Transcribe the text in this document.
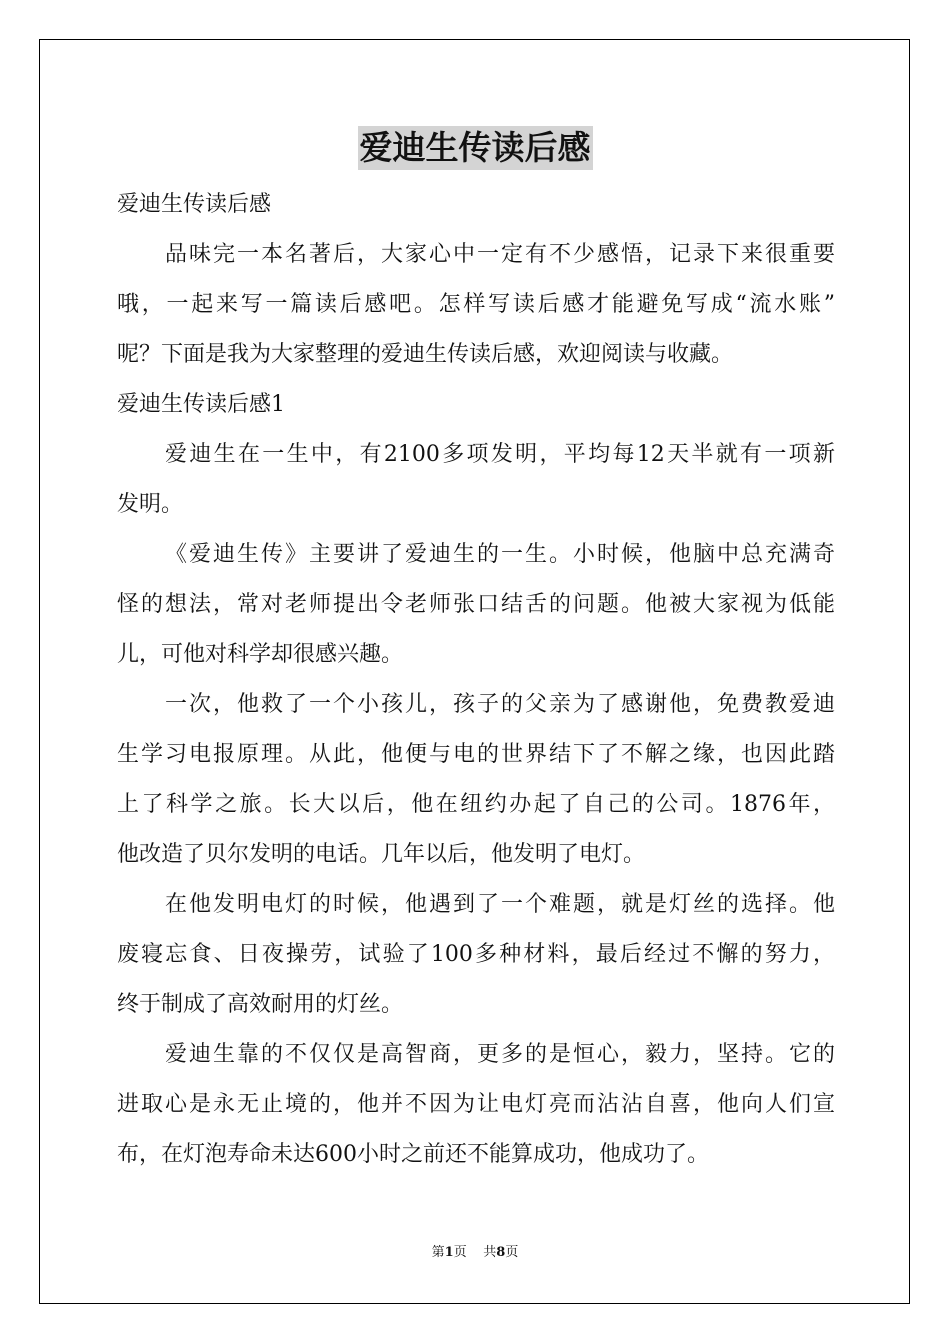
爱迪生传读后感

爱迪生传读后感

品味完一本名著后，大家心中一定有不少感悟，记录下来很重要

哦，一起来写一篇读后感吧。怎样写读后感才能避免写成“流水账”

呢？下面是我为大家整理的爱迪生传读后感，欢迎阅读与收藏。

爱迪生传读后感1

爱迪生在一生中，有2100多项发明，平均每12天半就有一项新

发明。

《爱迪生传》主要讲了爱迪生的一生。小时候，他脑中总充满奇

怪的想法，常对老师提出令老师张口结舌的问题。他被大家视为低能

儿，可他对科学却很感兴趣。

一次，他救了一个小孩儿，孩子的父亲为了感谢他，免费教爱迪

生学习电报原理。从此，他便与电的世界结下了不解之缘，也因此踏

上了科学之旅。长大以后，他在纽约办起了自己的公司。1876年，

他改造了贝尔发明的电话。几年以后，他发明了电灯。

在他发明电灯的时候，他遇到了一个难题，就是灯丝的选择。他

废寝忘食、日夜操劳，试验了100多种材料，最后经过不懈的努力，

终于制成了高效耐用的灯丝。

爱迪生靠的不仅仅是高智商，更多的是恒心，毅力，坚持。它的

进取心是永无止境的，他并不因为让电灯亮而沾沾自喜，他向人们宣

布，在灯泡寿命未达600小时之前还不能算成功，他成功了。

第1页 共8页
